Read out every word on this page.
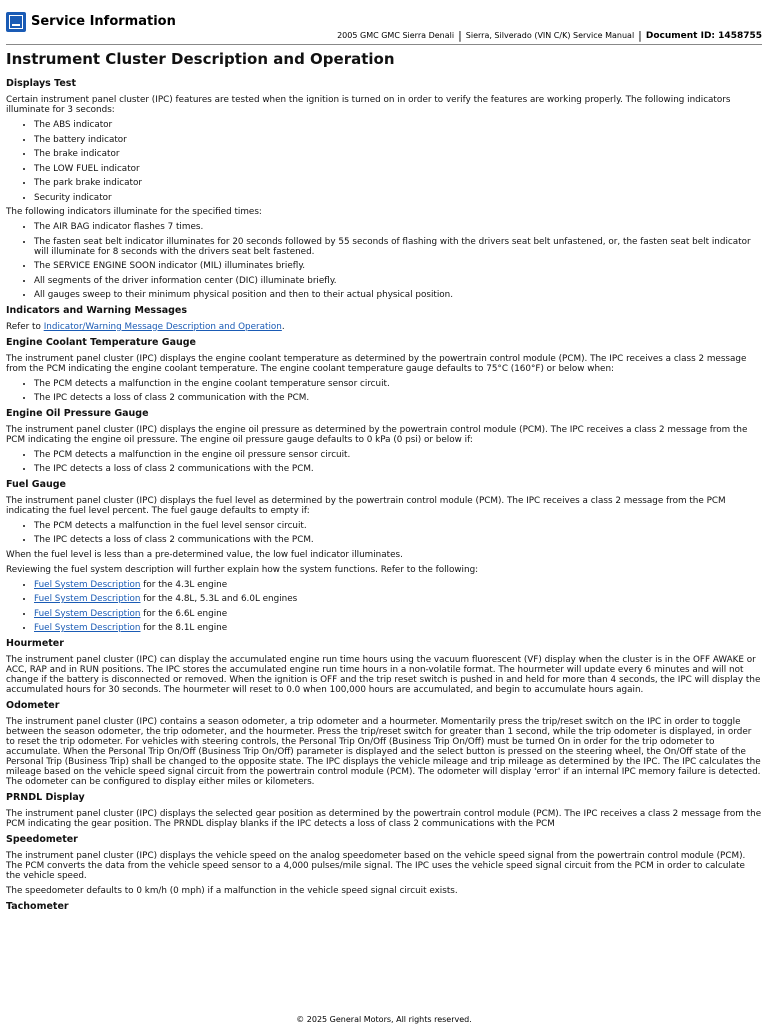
Service Information
2005 GMC GMC Sierra Denali | Sierra, Silverado (VIN C/K) Service Manual | Document ID: 1458755
Instrument Cluster Description and Operation
Displays Test

Certain instrument panel cluster (IPC) features are tested when the ignition is turned on in order to verify the features are working properly. The following indicators illuminate for 3 seconds:

• The ABS indicator
• The battery indicator
• The brake indicator
• The LOW FUEL indicator
• The park brake indicator
• Security indicator

The following indicators illuminate for the specified times:

• The AIR BAG indicator flashes 7 times.
• The fasten seat belt indicator illuminates for 20 seconds followed by 55 seconds of flashing with the drivers seat belt unfastened, or, the fasten seat belt indicator will illuminate for 8 seconds with the drivers seat belt fastened.
• The SERVICE ENGINE SOON indicator (MIL) illuminates briefly.
• All segments of the driver information center (DIC) illuminate briefly.
• All gauges sweep to their minimum physical position and then to their actual physical position.
Indicators and Warning Messages

Refer to Indicator/Warning Message Description and Operation.

Engine Coolant Temperature Gauge

The instrument panel cluster (IPC) displays the engine coolant temperature as determined by the powertrain control module (PCM). The IPC receives a class 2 message from the PCM indicating the engine coolant temperature. The engine coolant temperature gauge defaults to 75°C (160°F) or below when:

• The PCM detects a malfunction in the engine coolant temperature sensor circuit.
• The IPC detects a loss of class 2 communication with the PCM.
Engine Oil Pressure Gauge

The instrument panel cluster (IPC) displays the engine oil pressure as determined by the powertrain control module (PCM). The IPC receives a class 2 message from the PCM indicating the engine oil pressure. The engine oil pressure gauge defaults to 0 kPa (0 psi) or below if:

• The PCM detects a malfunction in the engine oil pressure sensor circuit.
• The IPC detects a loss of class 2 communications with the PCM.
Fuel Gauge

The instrument panel cluster (IPC) displays the fuel level as determined by the powertrain control module (PCM). The IPC receives a class 2 message from the PCM indicating the fuel level percent. The fuel gauge defaults to empty if:

• The PCM detects a malfunction in the fuel level sensor circuit.
• The IPC detects a loss of class 2 communications with the PCM.

When the fuel level is less than a pre-determined value, the low fuel indicator illuminates.

Reviewing the fuel system description will further explain how the system functions. Refer to the following:

• Fuel System Description for the 4.3L engine
• Fuel System Description for the 4.8L, 5.3L and 6.0L engines
• Fuel System Description for the 6.6L engine
• Fuel System Description for the 8.1L engine
Hourmeter

The instrument panel cluster (IPC) can display the accumulated engine run time hours using the vacuum fluorescent (VF) display when the cluster is in the OFF AWAKE or ACC, RAP and in RUN positions. The IPC stores the accumulated engine run time hours in a non-volatile format. The hourmeter will update every 6 minutes and will not change if the battery is disconnected or removed. When the ignition is OFF and the trip reset switch is pushed in and held for more than 4 seconds, the IPC will display the accumulated hours for 30 seconds. The hourmeter will reset to 0.0 when 100,000 hours are accumulated, and begin to accumulate hours again.

Odometer

The instrument panel cluster (IPC) contains a season odometer, a trip odometer and a hourmeter. Momentarily press the trip/reset switch on the IPC in order to toggle between the season odometer, the trip odometer, and the hourmeter. Press the trip/reset switch for greater than 1 second, while the trip odometer is displayed, in order to reset the trip odometer. For vehicles with steering controls, the Personal Trip On/Off (Business Trip On/Off) must be turned On in order for the trip odometer to accumulate. When the Personal Trip On/Off (Business Trip On/Off) parameter is displayed and the select button is pressed on the steering wheel, the On/Off state of the Personal Trip (Business Trip) shall be changed to the opposite state. The IPC displays the vehicle mileage and trip mileage as determined by the IPC. The IPC calculates the mileage based on the vehicle speed signal circuit from the powertrain control module (PCM). The odometer will display 'error' if an internal IPC memory failure is detected. The odometer can be configured to display either miles or kilometers.

PRNDL Display

The instrument panel cluster (IPC) displays the selected gear position as determined by the powertrain control module (PCM). The IPC receives a class 2 message from the PCM indicating the gear position. The PRNDL display blanks if the IPC detects a loss of class 2 communications with the PCM

Speedometer

The instrument panel cluster (IPC) displays the vehicle speed on the analog speedometer based on the vehicle speed signal from the powertrain control module (PCM). The PCM converts the data from the vehicle speed sensor to a 4,000 pulses/mile signal. The IPC uses the vehicle speed signal circuit from the PCM in order to calculate the vehicle speed.

The speedometer defaults to 0 km/h (0 mph) if a malfunction in the vehicle speed signal circuit exists.

Tachometer
© 2025 General Motors, All rights reserved.
